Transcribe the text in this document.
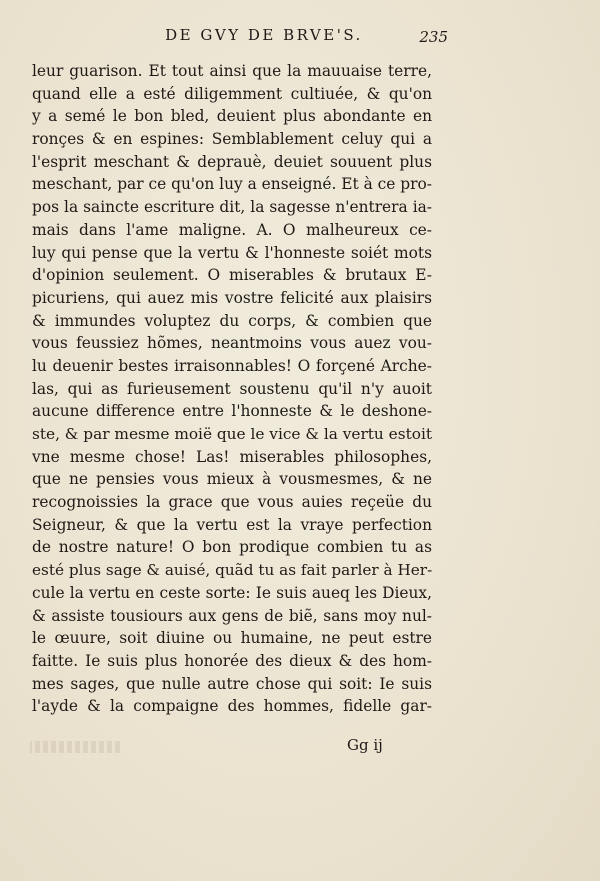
DE GVY DE BRVE'S.	235
leur guarison. Et tout ainsi que la mauuaise terre,
quand elle a esté diligemment cultiuée, & qu'on
y a semé le bon bled, deuient plus abondante en
ronçes & en espines: Semblablement celuy qui a
l'esprit meschant & deprauè, deuiet souuent plus
meschant, par ce qu'on luy a enseigné. Et à ce pro-
pos la saincte escriture dit, la sagesse n'entrera ia-
mais dans l'ame maligne. A. O malheureux ce-
luy qui pense que la vertu & l'honneste soiét mots
d'opinion seulement. O miserables & brutaux E-
picuriens, qui auez mis vostre felicité aux plaisirs
& immundes voluptez du corps, & combien que
vous feussiez hõmes, neantmoins vous auez vou-
lu deuenir bestes irraisonnables! O forçené Arche-
las, qui as furieusement soustenu qu'il n'y auoit
aucune difference entre l'honneste & le deshone-
ste, & par mesme moië que le vice & la vertu estoit
vne mesme chose! Las! miserables philosophes,
que ne pensies vous mieux à vousmesmes, & ne
recognoissies la grace que vous auies reçeüe du
Seigneur, & que la vertu est la vraye perfection
de nostre nature! O bon prodique combien tu as
esté plus sage & auisé, quãd tu as fait parler à Her-
cule la vertu en ceste sorte: Ie suis aueq les Dieux,
& assiste tousiours aux gens de biẽ, sans moy nul-
le œuure, soit diuine ou humaine, ne peut estre
faitte. Ie suis plus honorée des dieux & des hom-
mes sages, que nulle autre chose qui soit: Ie suis
l'ayde & la compaigne des hommes, fidelle gar-
Gg ij
